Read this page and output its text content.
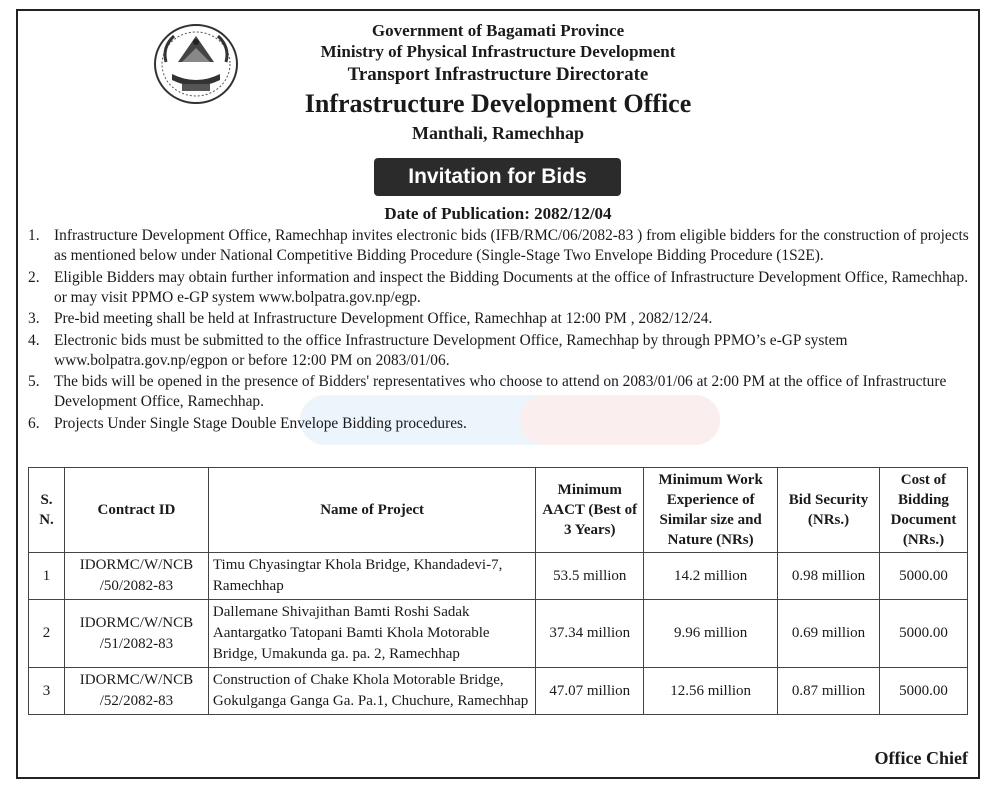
Government of Bagamati Province
Ministry of Physical Infrastructure Development
Transport Infrastructure Directorate
Infrastructure Development Office
Manthali, Ramechhap
Invitation for Bids
Date of Publication: 2082/12/04
1. Infrastructure Development Office, Ramechhap invites electronic bids (IFB/RMC/06/2082-83 ) from eligible bidders for the construction of projects as mentioned below under National Competitive Bidding Procedure (Single-Stage Two Envelope Bidding Procedure (1S2E).
2. Eligible Bidders may obtain further information and inspect the Bidding Documents at the office of Infrastructure Development Office, Ramechhap. or may visit PPMO e-GP system www.bolpatra.gov.np/egp.
3. Pre-bid meeting shall be held at Infrastructure Development Office, Ramechhap at 12:00 PM , 2082/12/24.
4. Electronic bids must be submitted to the office Infrastructure Development Office, Ramechhap by through PPMO’s e-GP system www.bolpatra.gov.np/egpon or before 12:00 PM on 2083/01/06.
5. The bids will be opened in the presence of Bidders' representatives who choose to attend on 2083/01/06 at 2:00 PM at the office of Infrastructure Development Office, Ramechhap.
6. Projects Under Single Stage Double Envelope Bidding procedures.
S. N.	Contract ID	Name of Project	Minimum AACT (Best of 3 Years)	Minimum Work Experience of Similar size and Nature (NRs)	Bid Security (NRs.)	Cost of Bidding Document (NRs.)
1	IDORMC/W/NCB /50/2082-83	Timu Chyasingtar Khola Bridge, Khandadevi-7, Ramechhap	53.5 million	14.2 million	0.98 million	5000.00
2	IDORMC/W/NCB /51/2082-83	Dallemane Shivajithan Bamti Roshi Sadak Aantargatko Tatopani Bamti Khola Motorable Bridge, Umakunda ga. pa. 2, Ramechhap	37.34 million	9.96 million	0.69 million	5000.00
3	IDORMC/W/NCB /52/2082-83	Construction of Chake Khola Motorable Bridge, Gokulganga Ganga Ga. Pa.1, Chuchure, Ramechhap	47.07 million	12.56 million	0.87 million	5000.00
Office Chief
